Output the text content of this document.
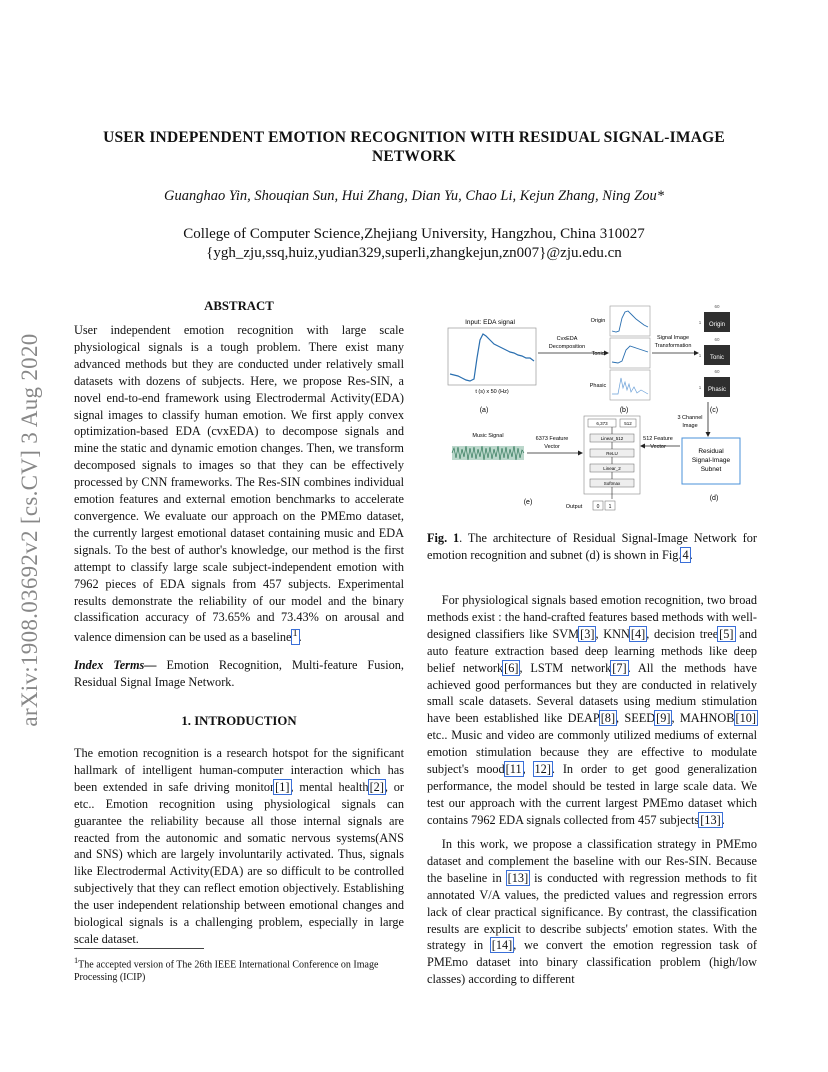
USER INDEPENDENT EMOTION RECOGNITION WITH RESIDUAL SIGNAL-IMAGE NETWORK
Guanghao Yin, Shouqian Sun, Hui Zhang, Dian Yu, Chao Li, Kejun Zhang, Ning Zou*
College of Computer Science,Zhejiang University, Hangzhou, China 310027
{ygh_zju,ssq,huiz,yudian329,superli,zhangkejun,zn007}@zju.edu.cn
arXiv:1908.03692v2 [cs.CV] 3 Aug 2020
ABSTRACT
User independent emotion recognition with large scale physiological signals is a tough problem. There exist many advanced methods but they are conducted under relatively small datasets with dozens of subjects. Here, we propose Res-SIN, a novel end-to-end framework using Electrodermal Activity(EDA) signal images to classify human emotion. We first apply convex optimization-based EDA (cvxEDA) to decompose signals and mine the static and dynamic emotion changes. Then, we transform decomposed signals to images so that they can be effectively processed by CNN frameworks. The Res-SIN combines individual emotion features and external emotion benchmarks to accelerate convergence. We evaluate our approach on the PMEmo dataset, the currently largest emotional dataset containing music and EDA signals. To the best of author's knowledge, our method is the first attempt to classify large scale subject-independent emotion with 7962 pieces of EDA signals from 457 subjects. Experimental results demonstrate the reliability of our model and the binary classification accuracy of 73.65% and 73.43% on arousal and valence dimension can be used as a baseline$^1$.
Index Terms— Emotion Recognition, Multi-feature Fusion, Residual Signal Image Network.
1. INTRODUCTION
The emotion recognition is a research hotspot for the significant hallmark of intelligent human-computer interaction which has been extended in safe driving monitor[1], mental health[2], or etc.. Emotion recognition using physiological signals can guarantee the reliability because all those internal signals are reacted from the autonomic and somatic nervous systems(ANS and SNS) which are largely involuntarily activated. Thus, signals like Electrodermal Activity(EDA) are so difficult to be controlled subjectively that they can reflect emotion objectively. Establishing the user independent relationship between emotional changes and biological signals is a challenging problem, especially in large scale dataset.
$^1$The accepted version of The 26th IEEE International Conference on Image Processing (ICIP)
Input: EDA signal
t (s) x 50 (Hz)
(a)
CvxEDA
Decomposition
Origin
Tonic
Phasic
(b)
Signal Image
Transformation
60
1 Origin
60
1 Tonic
60
1 Phasic
(c)
3 Channel
Image
Residual
Signal-Image
Subnet
(d)
512 Feature
Vector
Music Signal	6373 Feature
Vector
6,373	512
Linear_512
ReLU
Linear_2
Softmax
(e)
Output	0 1
Fig. 1. The architecture of Residual Signal-Image Network for emotion recognition and subnet (d) is shown in Fig.4.
For physiological signals based emotion recognition, two broad methods exist : the hand-crafted features based methods with well-designed classifiers like SVM[3], KNN[4], decision tree[5] and auto feature extraction based deep learning methods like deep belief network[6], LSTM network[7]. All the methods have achieved good performances but they are conducted in relatively small scale datasets. Several datasets using medium stimulation have been established like DEAP[8], SEED[9], MAHNOB[10] etc.. Music and video are commonly utilized mediums of external emotion stimulation because they are effective to modulate subject's mood[11, 12]. In order to get good generalization performance, the model should be tested in large scale data. We test our approach with the current largest PMEmo dataset which contains 7962 EDA signals collected from 457 subjects[13].
In this work, we propose a classification strategy in PMEmo dataset and complement the baseline with our Res-SIN. Because the baseline in [13] is conducted with regression methods to fit annotated V/A values, the predicted values and regression errors lack of clear practical significance. By contrast, the classification results are explicit to describe subjects' emotion states. With the strategy in [14], we convert the emotion regression task of PMEmo dataset into binary classification problem (high/low classes) according to different
